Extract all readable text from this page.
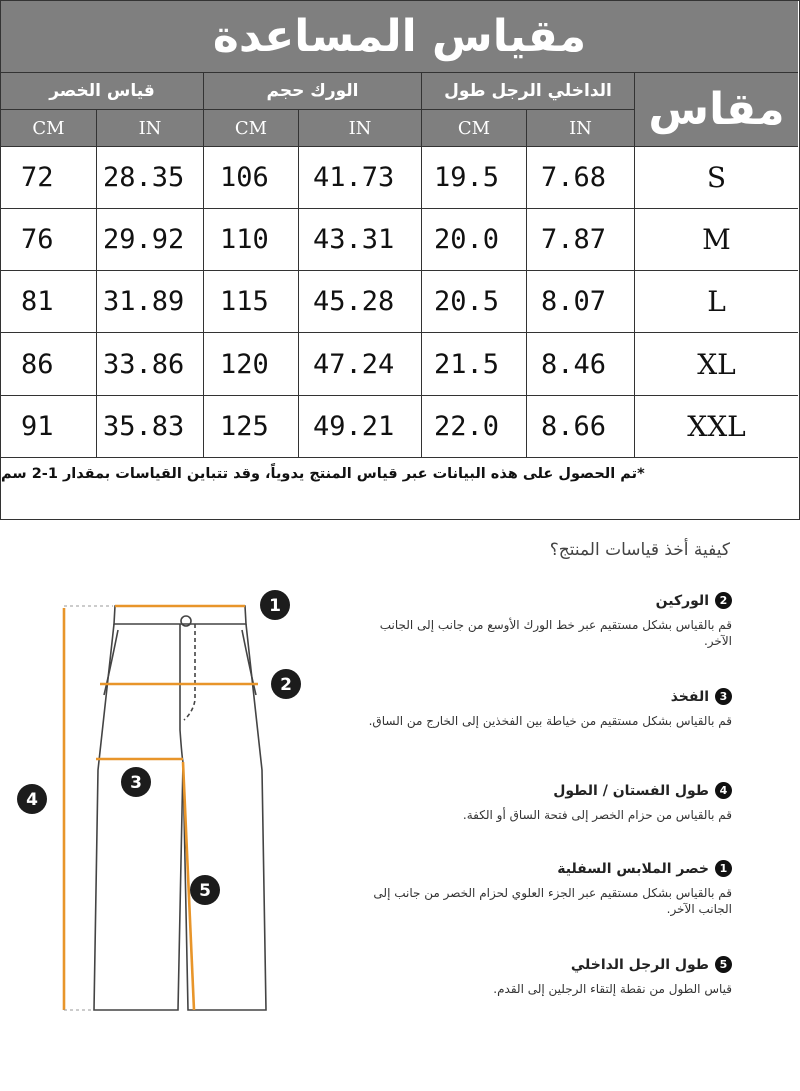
مقياس المساعدة
قياس الخصر	الورك حجم	الداخلي الرجل طول مقاس
CM	IN	CM	IN	CM	IN
72	28.35	106	41.73	19.5	7.68	S
76	29.92	110	43.31	20.0	7.87	M
81	31.89	115	45.28	20.5	8.07	L
86	33.86	120	47.24	21.5	8.46	XL
91	35.83	125	49.21	22.0	8.66	XXL
*تم الحصول على هذه البيانات عبر قياس المنتج يدوياً، وقد تتباين القياسات بمقدار 1-2 سم
كيفية أخذ قياسات المنتج؟
2
الوركين
قم بالقياس بشكل مستقيم عبر خط الورك الأوسع من جانب إلى الجانب الآخر.
3
الفخذ
قم بالقياس بشكل مستقيم من خياطة بين الفخذين إلى الخارج من الساق.
4
طول الفستان / الطول
قم بالقياس من حزام الخصر إلى فتحة الساق أو الكفة.
1
خصر الملابس السفلية
قم بالقياس بشكل مستقيم عبر الجزء العلوي لحزام الخصر من جانب إلى الجانب الآخر.
5
طول الرجل الداخلي
قياس الطول من نقطة إلتقاء الرجلين إلى القدم.
1
2
3
4
5
